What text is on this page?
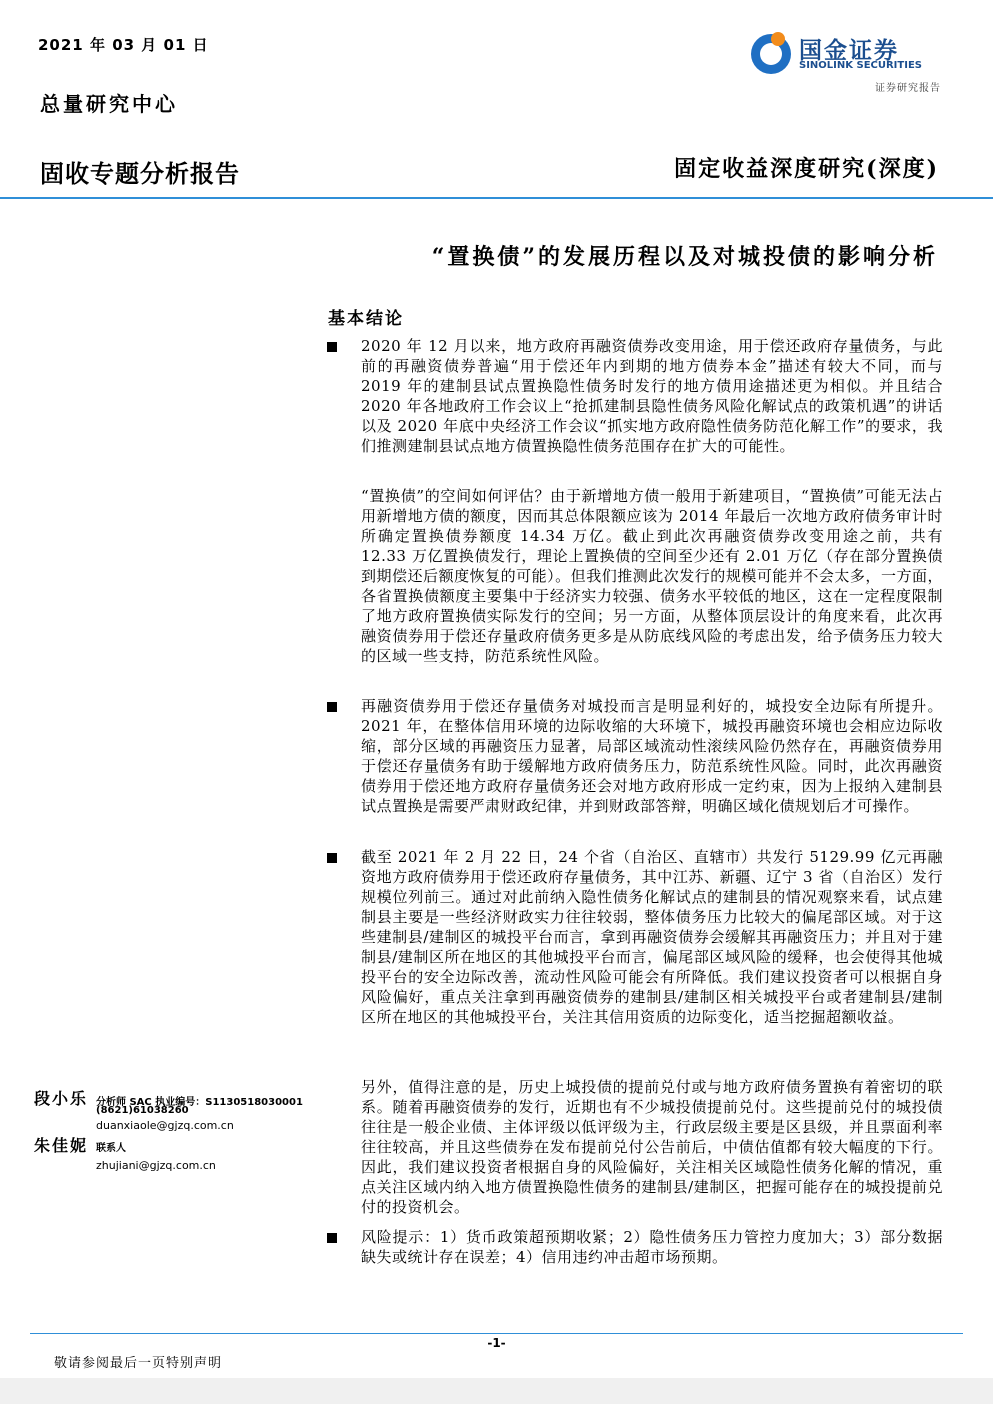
2021 年 03 月 01 日
总量研究中心
固收专题分析报告	固定收益深度研究(深度)
国金证券
SINOLINK SECURITIES
证券研究报告
“置换债”的发展历程以及对城投债的影响分析
基本结论
2020 年 12 月以来，地方政府再融资债券改变用途，用于偿还政府存量债务，与此前的再融资债券普遍“用于偿还年内到期的地方债券本金”描述有较大不同，而与 2019 年的建制县试点置换隐性债务时发行的地方债用途描述更为相似。并且结合 2020 年各地政府工作会议上“抢抓建制县隐性债务风险化解试点的政策机遇”的讲话以及 2020 年底中央经济工作会议“抓实地方政府隐性债务防范化解工作”的要求，我们推测建制县试点地方债置换隐性债务范围存在扩大的可能性。
“置换债”的空间如何评估？由于新增地方债一般用于新建项目，“置换债”可能无法占用新增地方债的额度，因而其总体限额应该为 2014 年最后一次地方政府债务审计时所确定置换债券额度 14.34 万亿。截止到此次再融资债券改变用途之前，共有 12.33 万亿置换债发行，理论上置换债的空间至少还有 2.01 万亿（存在部分置换债到期偿还后额度恢复的可能）。但我们推测此次发行的规模可能并不会太多，一方面，各省置换债额度主要集中于经济实力较强、债务水平较低的地区，这在一定程度限制了地方政府置换债实际发行的空间；另一方面，从整体顶层设计的角度来看，此次再融资债券用于偿还存量政府债务更多是从防底线风险的考虑出发，给予债务压力较大的区域一些支持，防范系统性风险。
再融资债券用于偿还存量债务对城投而言是明显利好的，城投安全边际有所提升。2021 年，在整体信用环境的边际收缩的大环境下，城投再融资环境也会相应边际收缩，部分区域的再融资压力显著，局部区域流动性滚续风险仍然存在，再融资债券用于偿还存量债务有助于缓解地方政府债务压力，防范系统性风险。同时，此次再融资债券用于偿还地方政府存量债务还会对地方政府形成一定约束，因为上报纳入建制县试点置换是需要严肃财政纪律，并到财政部答辩，明确区域化债规划后才可操作。
截至 2021 年 2 月 22 日，24 个省（自治区、直辖市）共发行 5129.99 亿元再融资地方政府债券用于偿还政府存量债务，其中江苏、新疆、辽宁 3 省（自治区）发行规模位列前三。通过对此前纳入隐性债务化解试点的建制县的情况观察来看，试点建制县主要是一些经济财政实力往往较弱，整体债务压力比较大的偏尾部区域。对于这些建制县/建制区的城投平台而言，拿到再融资债券会缓解其再融资压力；并且对于建制县/建制区所在地区的其他城投平台而言，偏尾部区域风险的缓释，也会使得其他城投平台的安全边际改善，流动性风险可能会有所降低。我们建议投资者可以根据自身风险偏好，重点关注拿到再融资债券的建制县/建制区相关城投平台或者建制县/建制区所在地区的其他城投平台，关注其信用资质的边际变化，适当挖掘超额收益。
另外，值得注意的是，历史上城投债的提前兑付或与地方政府债务置换有着密切的联系。随着再融资债券的发行，近期也有不少城投债提前兑付。这些提前兑付的城投债往往是一般企业债、主体评级以低评级为主，行政层级主要是区县级，并且票面利率往往较高，并且这些债券在发布提前兑付公告前后，中债估值都有较大幅度的下行。因此，我们建议投资者根据自身的风险偏好，关注相关区域隐性债务化解的情况，重点关注区域内纳入地方债置换隐性债务的建制县/建制区，把握可能存在的城投提前兑付的投资机会。
风险提示：1）货币政策超预期收紧；2）隐性债务压力管控力度加大；3）部分数据缺失或统计存在误差；4）信用违约冲击超市场预期。
段小乐 分析师 SAC 执业编号：S1130518030001
(8621)61038260
duanxiaole@gjzq.com.cn
朱佳妮 联系人
zhujiani@gjzq.com.cn
-1-
敬请参阅最后一页特别声明
